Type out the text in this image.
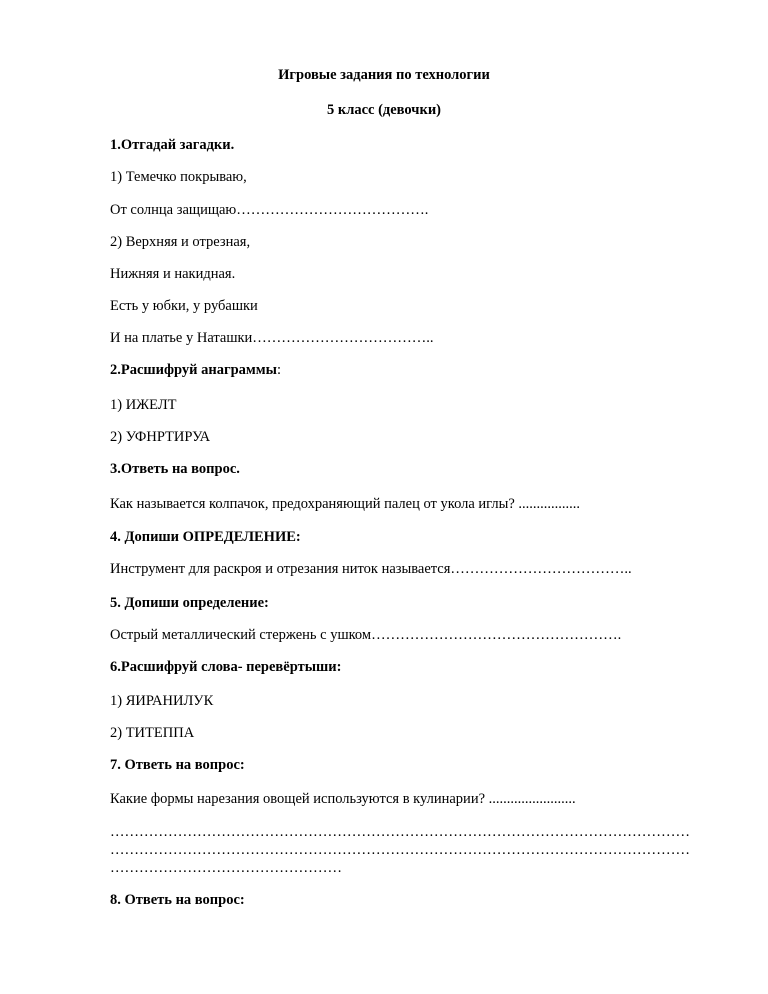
Игровые задания по технологии
5 класс (девочки)
1.Отгадай загадки.
1) Темечко покрываю,
От солнца защищаю………………………………….
2) Верхняя и отрезная,
Нижняя и накидная.
Есть у юбки, у рубашки
И на платье у Наташки………………………………..
2.Расшифруй анаграммы:
1) ИЖЕЛТ
2) УФНРТИРУА
3.Ответь на вопрос.
Как называется колпачок, предохраняющий палец от укола иглы? .................
4. Допиши ОПРЕДЕЛЕНИЕ:
Инструмент для раскроя и отрезания ниток называется………………………………..
5. Допиши определение:
Острый металлический стержень с ушком…………………………………………….
6.Расшифруй слова- перевёртыши:
1) ЯИРАНИЛУК
2) ТИТЕППА
7. Ответь на вопрос:
Какие формы нарезания овощей используются в кулинарии? ........................
…………………………………………………………………………………………………………
…………………………………………………………………………………………………………
…………………………………………
8. Ответь на вопрос:
